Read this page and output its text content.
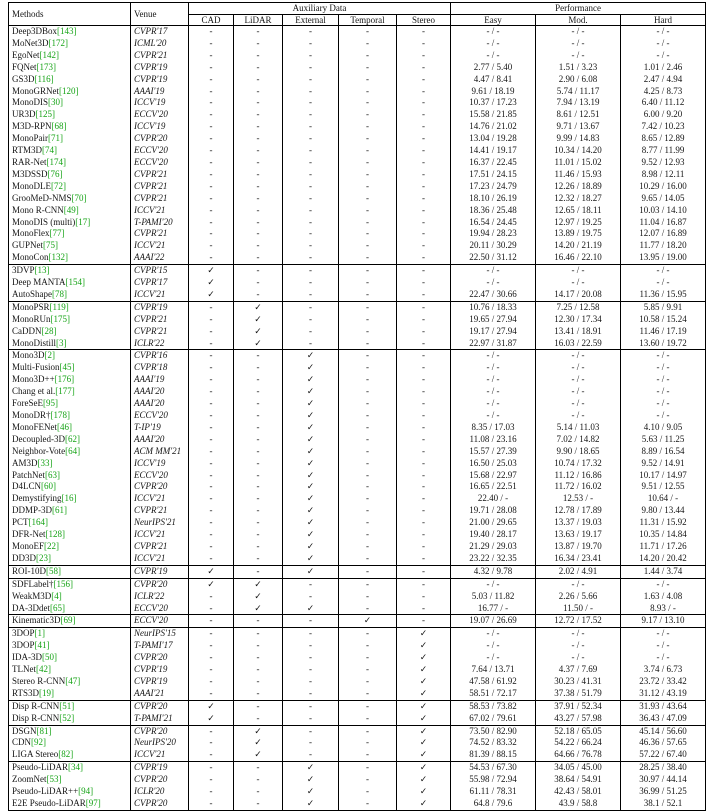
Methods	Venue	Auxiliary Data					Performance		
		CAD	LiDAR	External	Temporal	Stereo	Easy	Mod.	Hard
Deep3DBox[143]	CVPR'17	-	-	-	-	-	- / -	- / -	- / -
MoNet3D[172]	ICML'20	-	-	-	-	-	- / -	- / -	- / -
EgoNet[142]	CVPR'21	-	-	-	-	-	- / -	- / -	- / -
FQNet[173]	CVPR'19	-	-	-	-	-	2.77 / 5.40	1.51 / 3.23	1.01 / 2.46
GS3D[116]	CVPR'19	-	-	-	-	-	4.47 / 8.41	2.90 / 6.08	2.47 / 4.94
MonoGRNet[120]	AAAI'19	-	-	-	-	-	9.61 / 18.19	5.74 / 11.17	4.25 / 8.73
MonoDIS[30]	ICCV'19	-	-	-	-	-	10.37 / 17.23	7.94 / 13.19	6.40 / 11.12
UR3D[125]	ECCV'20	-	-	-	-	-	15.58 / 21.85	8.61 / 12.51	6.00 / 9.20
M3D-RPN[68]	ICCV'19	-	-	-	-	-	14.76 / 21.02	9.71 / 13.67	7.42 / 10.23
MonoPair[71]	CVPR'20	-	-	-	-	-	13.04 / 19.28	9.99 / 14.83	8.65 / 12.89
RTM3D[74]	ECCV'20	-	-	-	-	-	14.41 / 19.17	10.34 / 14.20	8.77 / 11.99
RAR-Net[174]	ECCV'20	-	-	-	-	-	16.37 / 22.45	11.01 / 15.02	9.52 / 12.93
M3DSSD[76]	CVPR'21	-	-	-	-	-	17.51 / 24.15	11.46 / 15.93	8.98 / 12.11
MonoDLE[72]	CVPR'21	-	-	-	-	-	17.23 / 24.79	12.26 / 18.89	10.29 / 16.00
GrooMeD-NMS[70]	CVPR'21	-	-	-	-	-	18.10 / 26.19	12.32 / 18.27	9.65 / 14.05
Mono R-CNN[49]	ICCV'21	-	-	-	-	-	18.36 / 25.48	12.65 / 18.11	10.03 / 14.10
MonoDIS (multi)[17]	T-PAMI'20	-	-	-	-	-	16.54 / 24.45	12.97 / 19.25	11.04 / 16.87
MonoFlex[77]	CVPR'21	-	-	-	-	-	19.94 / 28.23	13.89 / 19.75	12.07 / 16.89
GUPNet[75]	ICCV'21	-	-	-	-	-	20.11 / 30.29	14.20 / 21.19	11.77 / 18.20
MonoCon[132]	AAAI'22	-	-	-	-	-	22.50 / 31.12	16.46 / 22.10	13.95 / 19.00
3DVP[13]	CVPR'15	✓	-	-	-	-	- / -	- / -	- / -
Deep MANTA[154]	CVPR'17	✓	-	-	-	-	- / -	- / -	- / -
AutoShape[78]	ICCV'21	✓	-	-	-	-	22.47 / 30.66	14.17 / 20.08	11.36 / 15.95
MonoPSR[119]	CVPR'19	-	✓	-	-	-	10.76 / 18.33	7.25 / 12.58	5.85 / 9.91
MonoRUn[175]	CVPR'21	-	✓	-	-	-	19.65 / 27.94	12.30 / 17.34	10.58 / 15.24
CaDDN[28]	CVPR'21	-	✓	-	-	-	19.17 / 27.94	13.41 / 18.91	11.46 / 17.19
MonoDistill[3]	ICLR'22	-	✓	-	-	-	22.97 / 31.87	16.03 / 22.59	13.60 / 19.72
Mono3D[2]	CVPR'16	-	-	✓	-	-	- / -	- / -	- / -
Multi-Fusion[45]	CVPR'18	-	-	✓	-	-	- / -	- / -	- / -
Mono3D++[176]	AAAI'19	-	-	✓	-	-	- / -	- / -	- / -
Chang et al.[177]	AAAI'20	-	-	✓	-	-	- / -	- / -	- / -
ForeSeE[95]	AAAI'20	-	-	✓	-	-	- / -	- / -	- / -
MonoDR†[178]	ECCV'20	-	-	✓	-	-	- / -	- / -	- / -
MonoFENet[46]	T-IP'19	-	-	✓	-	-	8.35 / 17.03	5.14 / 11.03	4.10 / 9.05
Decoupled-3D[62]	AAAI'20	-	-	✓	-	-	11.08 / 23.16	7.02 / 14.82	5.63 / 11.25
Neighbor-Vote[64]	ACM MM'21	-	-	✓	-	-	15.57 / 27.39	9.90 / 18.65	8.89 / 16.54
AM3D[33]	ICCV'19	-	-	✓	-	-	16.50 / 25.03	10.74 / 17.32	9.52 / 14.91
PatchNet[63]	ECCV'20	-	-	✓	-	-	15.68 / 22.97	11.12 / 16.86	10.17 / 14.97
D4LCN[60]	CVPR'20	-	-	✓	-	-	16.65 / 22.51	11.72 / 16.02	9.51 / 12.55
Demystifying[16]	ICCV'21	-	-	✓	-	-	22.40 / -	12.53 / -	10.64 / -
DDMP-3D[61]	CVPR'21	-	-	✓	-	-	19.71 / 28.08	12.78 / 17.89	9.80 / 13.44
PCT[164]	NeurIPS'21	-	-	✓	-	-	21.00 / 29.65	13.37 / 19.03	11.31 / 15.92
DFR-Net[128]	ICCV'21	-	-	✓	-	-	19.40 / 28.17	13.63 / 19.17	10.35 / 14.84
MonoEF[22]	CVPR'21	-	-	✓	-	-	21.29 / 29.03	13.87 / 19.70	11.71 / 17.26
DD3D[23]	ICCV'21	-	-	✓	-	-	23.22 / 32.35	16.34 / 23.41	14.20 / 20.42
ROI-10D[58]	CVPR'19	✓	-	✓	-	-	4.32 / 9.78	2.02 / 4.91	1.44 / 3.74
SDFLabel†[156]	CVPR'20	✓	✓	-	-	-	- / -	- / -	- / -
WeakM3D[4]	ICLR'22	-	✓	-	-	-	5.03 / 11.82	2.26 / 5.66	1.63 / 4.08
DA-3Ddet[65]	ECCV'20	-	✓	✓	-	-	16.77 / -	11.50 / -	8.93 / -
Kinematic3D[69]	ECCV'20	-	-	-	✓	-	19.07 / 26.69	12.72 / 17.52	9.17 / 13.10
3DOP[1]	NeurIPS'15	-	-	-	-	✓	- / -	- / -	- / -
3DOP[41]	T-PAMI'17	-	-	-	-	✓	- / -	- / -	- / -
IDA-3D[50]	CVPR'20	-	-	-	-	✓	- / -	- / -	- / -
TLNet[42]	CVPR'19	-	-	-	-	✓	7.64 / 13.71	4.37 / 7.69	3.74 / 6.73
Stereo R-CNN[47]	CVPR'19	-	-	-	-	✓	47.58 / 61.92	30.23 / 41.31	23.72 / 33.42
RTS3D[19]	AAAI'21	-	-	-	-	✓	58.51 / 72.17	37.38 / 51.79	31.12 / 43.19
Disp R-CNN[51]	CVPR'20	✓	-	-	-	✓	58.53 / 73.82	37.91 / 52.34	31.93 / 43.64
Disp R-CNN[52]	T-PAMI'21	✓	-	-	-	✓	67.02 / 79.61	43.27 / 57.98	36.43 / 47.09
DSGN[81]	CVPR'20	-	✓	-	-	✓	73.50 / 82.90	52.18 / 65.05	45.14 / 56.60
CDN[92]	NeurIPS'20	-	✓	-	-	✓	74.52 / 83.32	54.22 / 66.24	46.36 / 57.65
LIGA Stereo[82]	ICCV'21	-	✓	-	-	✓	81.39 / 88.15	64.66 / 76.78	57.22 / 67.40
Pseudo-LiDAR[34]	CVPR'19	-	-	✓	-	✓	54.53 / 67.30	34.05 / 45.00	28.25 / 38.40
ZoomNet[53]	CVPR'20	-	-	✓	-	✓	55.98 / 72.94	38.64 / 54.91	30.97 / 44.14
Pseudo-LiDAR++[94]	ICLR'20	-	-	✓	-	✓	61.11 / 78.31	42.43 / 58.01	36.99 / 51.25
E2E Pseudo-LiDAR[97]	CVPR'20	-	-	✓	-	✓	64.8 / 79.6	43.9 / 58.8	38.1 / 52.1
